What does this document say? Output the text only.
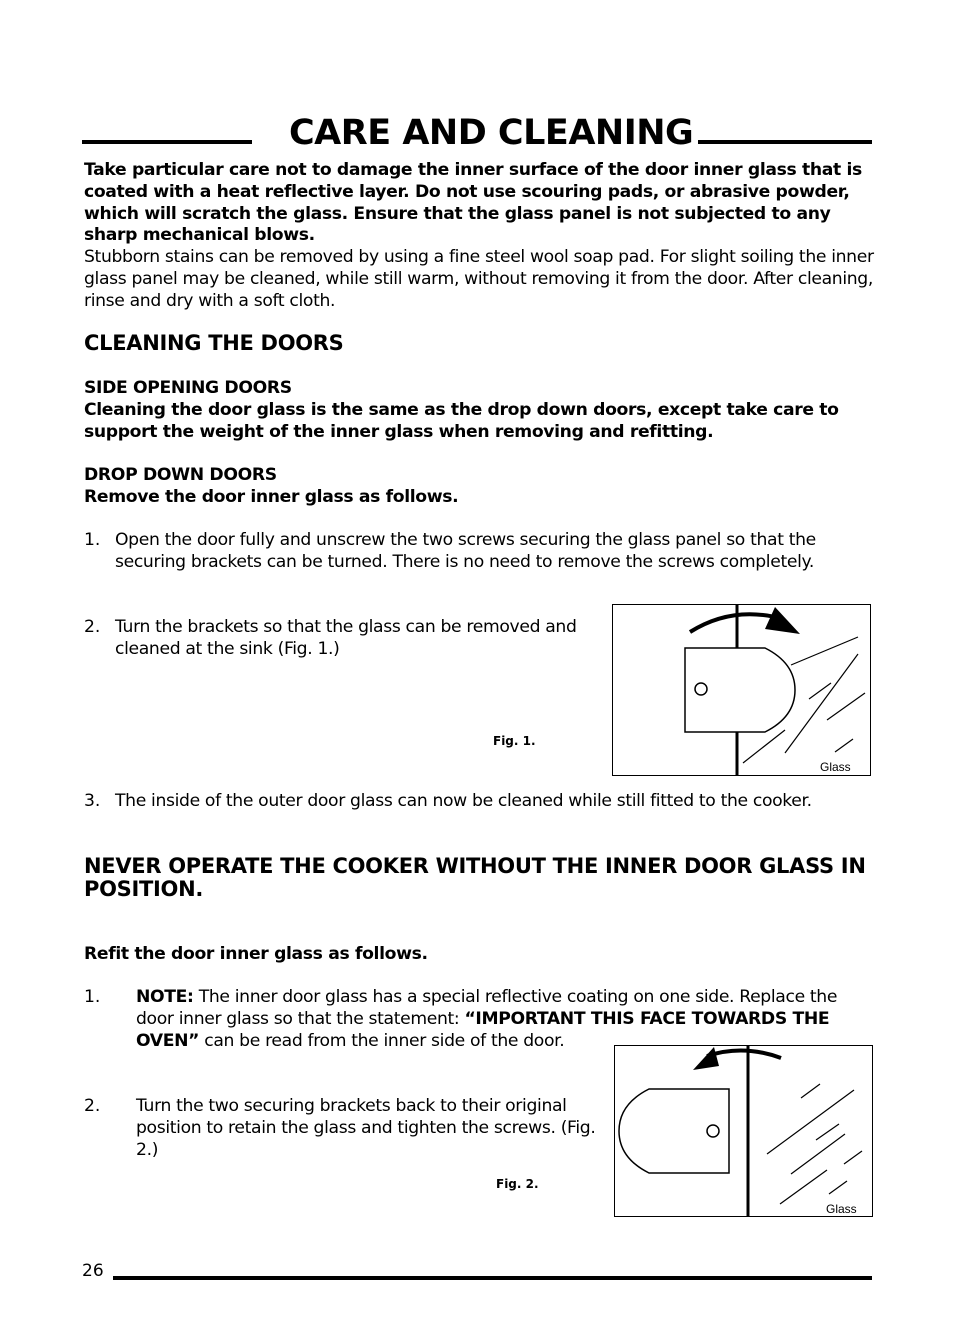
CARE AND CLEANING
Take particular care not to damage the inner surface of the door inner glass that is coated with a heat reflective layer. Do not use scouring pads, or abrasive powder, which will scratch the glass. Ensure that the glass panel is not subjected to any sharp mechanical blows.
Stubborn stains can be removed by using a fine steel wool soap pad. For slight soiling the inner glass panel may be cleaned, while still warm, without removing it from the door. After cleaning, rinse and dry with a soft cloth.
CLEANING THE DOORS
SIDE OPENING DOORS
Cleaning the door glass is the same as the drop down doors, except take care to support the weight of the inner glass when removing and refitting.
DROP DOWN DOORS
Remove the door inner glass as follows.
1. Open the door fully and unscrew the two screws securing the glass panel so that the securing brackets can be turned. There is no need to remove the screws completely.
2. Turn the brackets so that the glass can be removed and cleaned at the sink (Fig. 1.)
Fig. 1.
Glass
3. The inside of the outer door glass can now be cleaned while still fitted to the cooker.
NEVER OPERATE THE COOKER WITHOUT THE INNER DOOR GLASS IN POSITION.
Refit the door inner glass as follows.
1. NOTE: The inner door glass has a special reflective coating on one side. Replace the door inner glass so that the statement: “IMPORTANT THIS FACE TOWARDS THE OVEN” can be read from the inner side of the door.
2. Turn the two securing brackets back to their original position to retain the glass and tighten the screws. (Fig. 2.)
Fig. 2.
Glass
26
